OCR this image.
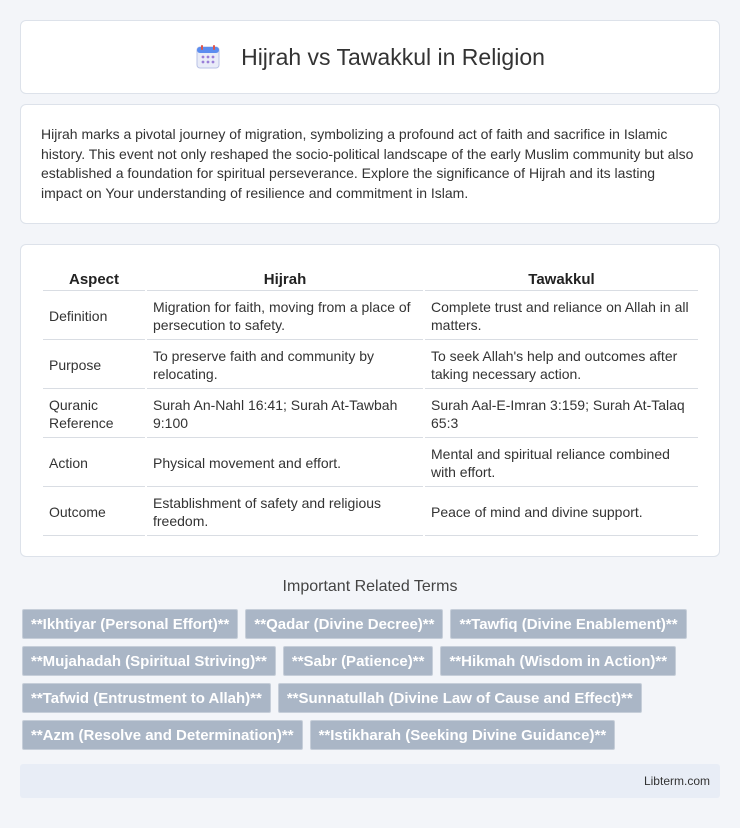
Hijrah vs Tawakkul in Religion

Hijrah marks a pivotal journey of migration, symbolizing a profound act of faith and sacrifice in Islamic history. This event not only reshaped the socio-political landscape of the early Muslim community but also established a foundation for spiritual perseverance. Explore the significance of Hijrah and its lasting impact on Your understanding of resilience and commitment in Islam.

Aspect	Hijrah	Tawakkul
Definition	Migration for faith, moving from a place of persecution to safety.	Complete trust and reliance on Allah in all matters.
Purpose	To preserve faith and community by relocating.	To seek Allah's help and outcomes after taking necessary action.
Quranic Reference	Surah An-Nahl 16:41; Surah At-Tawbah 9:100	Surah Aal-E-Imran 3:159; Surah At-Talaq 65:3
Action	Physical movement and effort.	Mental and spiritual reliance combined with effort.
Outcome	Establishment of safety and religious freedom.	Peace of mind and divine support.
Important Related Terms
**Ikhtiyar (Personal Effort)**	**Qadar (Divine Decree)**	**Tawfiq (Divine Enablement)**
**Mujahadah (Spiritual Striving)**	**Sabr (Patience)**	**Hikmah (Wisdom in Action)**
**Tafwid (Entrustment to Allah)**	**Sunnatullah (Divine Law of Cause and Effect)**
**Azm (Resolve and Determination)**	**Istikharah (Seeking Divine Guidance)**
Libterm.com
